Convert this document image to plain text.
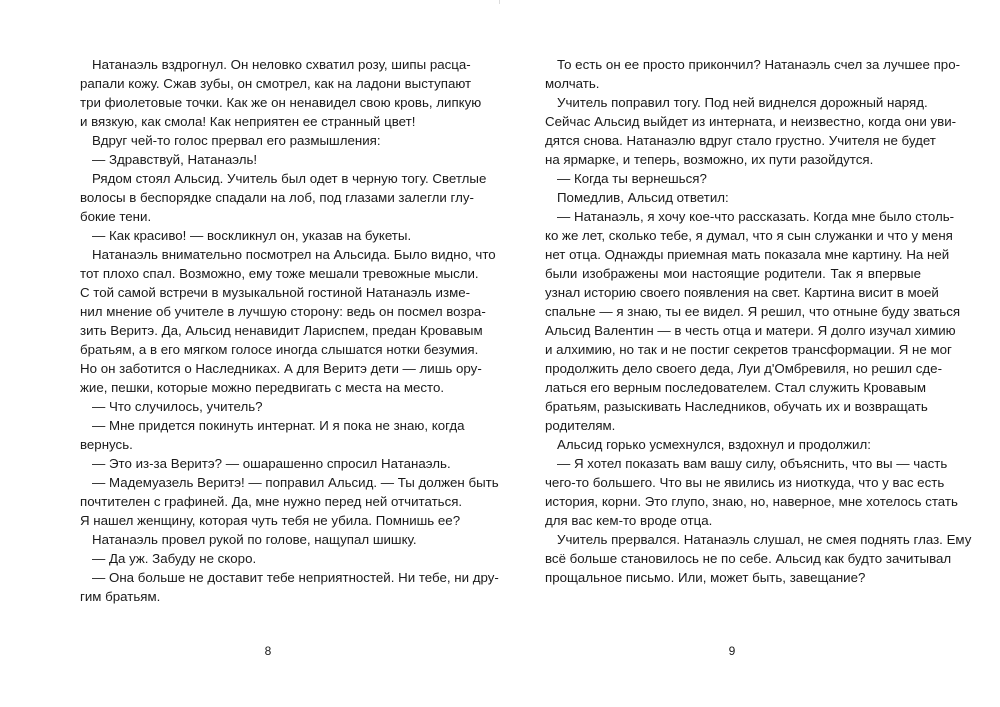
Натанаэль вздрогнул. Он неловко схватил розу, шипы расца-
рапали кожу. Сжав зубы, он смотрел, как на ладони выступают
три фиолетовые точки. Как же он ненавидел свою кровь, липкую
и вязкую, как смола! Как неприятен ее странный цвет!
Вдруг чей-то голос прервал его размышления:
— Здравствуй, Натанаэль!
Рядом стоял Альсид. Учитель был одет в черную тогу. Светлые
волосы в беспорядке спадали на лоб, под глазами залегли глу-
бокие тени.
— Как красиво! — воскликнул он, указав на букеты.
Натанаэль внимательно посмотрел на Альсида. Было видно, что
тот плохо спал. Возможно, ему тоже мешали тревожные мысли.
С той самой встречи в музыкальной гостиной Натанаэль изме-
нил мнение об учителе в лучшую сторону: ведь он посмел возра-
зить Веритэ. Да, Альсид ненавидит Лариспем, предан Кровавым
братьям, а в его мягком голосе иногда слышатся нотки безумия.
Но он заботится о Наследниках. А для Веритэ дети — лишь ору-
жие, пешки, которые можно передвигать с места на место.
— Что случилось, учитель?
— Мне придется покинуть интернат. И я пока не знаю, когда
вернусь.
— Это из-за Веритэ? — ошарашенно спросил Натанаэль.
— Мадемуазель Веритэ! — поправил Альсид. — Ты должен быть
почтителен с графиней. Да, мне нужно перед ней отчитаться.
Я нашел женщину, которая чуть тебя не убила. Помнишь ее?
Натанаэль провел рукой по голове, нащупал шишку.
— Да уж. Забуду не скоро.
— Она больше не доставит тебе неприятностей. Ни тебе, ни дру-
гим братьям.
8
То есть он ее просто прикончил? Натанаэль счел за лучшее про-
молчать.
Учитель поправил тогу. Под ней виднелся дорожный наряд.
Сейчас Альсид выйдет из интерната, и неизвестно, когда они уви-
дятся снова. Натанаэлю вдруг стало грустно. Учителя не будет
на ярмарке, и теперь, возможно, их пути разойдутся.
— Когда ты вернешься?
Помедлив, Альсид ответил:
— Натанаэль, я хочу кое-что рассказать. Когда мне было столь-
ко же лет, сколько тебе, я думал, что я сын служанки и что у меня
нет отца. Однажды приемная мать показала мне картину. На ней
были изображены мои настоящие родители. Так я впервые
узнал историю своего появления на свет. Картина висит в моей
спальне — я знаю, ты ее видел. Я решил, что отныне буду зваться
Альсид Валентин — в честь отца и матери. Я долго изучал химию
и алхимию, но так и не постиг секретов трансформации. Я не мог
продолжить дело своего деда, Луи д'Омбревиля, но решил сде-
латься его верным последователем. Стал служить Кровавым
братьям, разыскивать Наследников, обучать их и возвращать
родителям.
Альсид горько усмехнулся, вздохнул и продолжил:
— Я хотел показать вам вашу силу, объяснить, что вы — часть
чего-то большего. Что вы не явились из ниоткуда, что у вас есть
история, корни. Это глупо, знаю, но, наверное, мне хотелось стать
для вас кем-то вроде отца.
Учитель прервался. Натанаэль слушал, не смея поднять глаз. Ему
всё больше становилось не по себе. Альсид как будто зачитывал
прощальное письмо. Или, может быть, завещание?
9
